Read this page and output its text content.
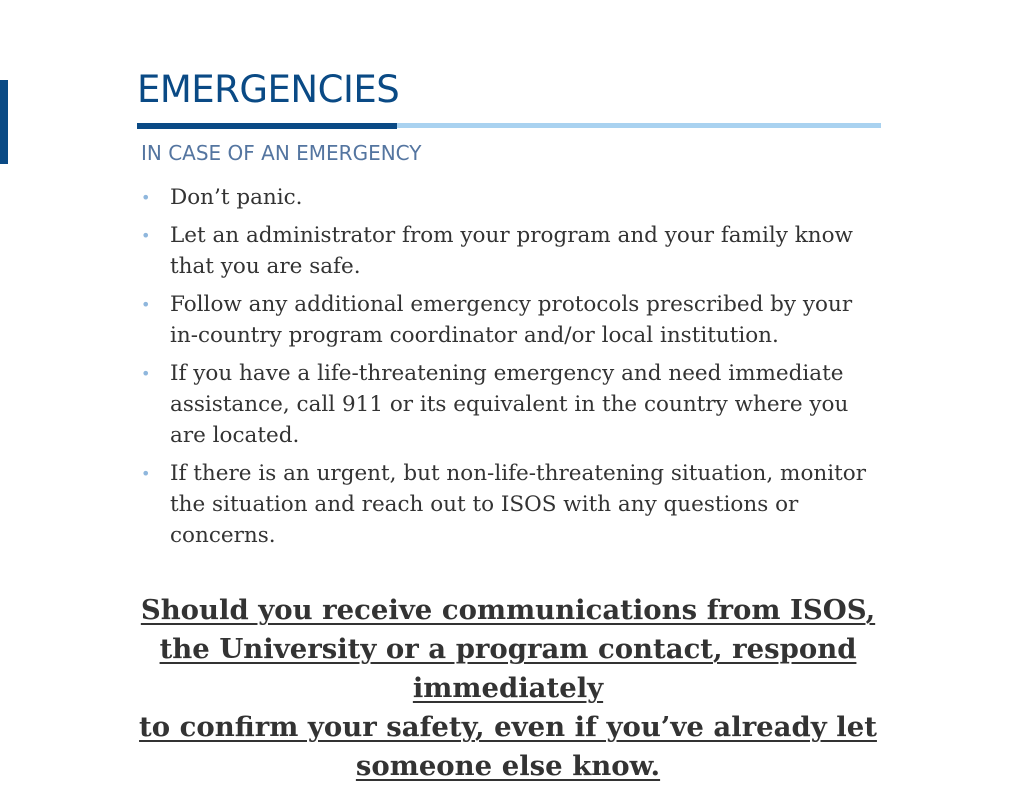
EMERGENCIES
IN CASE OF AN EMERGENCY
• Don’t panic.
• Let an administrator from your program and your family know that you are safe.
• Follow any additional emergency protocols prescribed by your in-country program coordinator and/or local institution.
• If you have a life-threatening emergency and need immediate assistance, call 911 or its equivalent in the country where you are located.
• If there is an urgent, but non-life-threatening situation, monitor the situation and reach out to ISOS with any questions or concerns.
Should you receive communications from ISOS, the University or a program contact, respond immediately
to confirm your safety, even if you’ve already let someone else know.
